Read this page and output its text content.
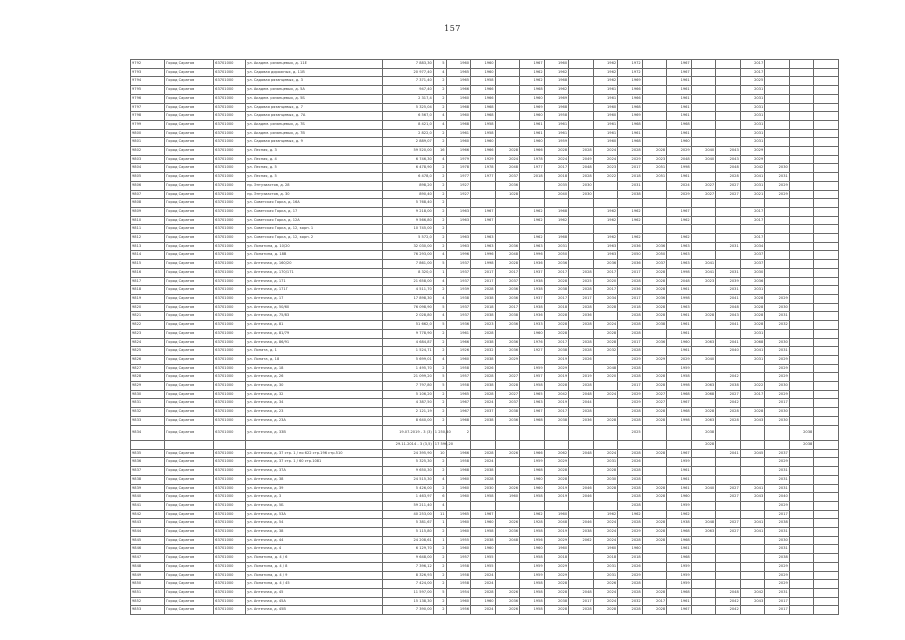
157
9792	Город Саратов	63701000	ул. Академ. рязанцевых, д. 11Е	7 883,30	5	1960	1960		1967	1960		1962	1972		1967			2017			
9793	Город Саратов	63701000	ул. Садовая дорожных, д. 11В	20 977,40	4	1965	1960		1962	1962		1962	1972		1967			2017			
9794	Город Саратов	63701000	ул. Садовая рязанцевых, д. 3	7 371,40	2	1965	1958		1962	1968		1962	1969		1961			2025			
9795	Город Саратов	63701000	ул. Академ. рязанцевых, д. 5А	947,40	2	1966	1966		1968	1962		1961	1966		1961			2031			
9796	Город Саратов	63701000	ул. Академ. рязанцевых, д. 5Б	2 317,4	2	1960	1966		1960	1969		1961	1966		1961			2031			
9797	Город Саратов	63701000	ул. Садовая рязанцевых, д. 7	5 325,04	2	1968	1968		1969	1968		1960	1968		1961			2031			
9798	Город Саратов	63701000	ул. Садовая рязанцевых, д. 7А	6 567,0	4	1960	1968		1960	1958		1960	1969		1961			2031			
9799	Город Саратов	63701000	ул. Академ. рязанцевых, д. 7Б	8 421,0	4	1968	1958		1961	1961		1961	1968		1968			2031			
9800	Город Саратов	63701000	ул. Академ. рязанцевых, д. 7В	2 822,0	2	1961	1958		1961	1961		1961	1961		1961			2031			
9801	Город Саратов	63701000	ул. Садовая рязанцевых, д. 9	2 889,07	2	1960	1960		1960	1959		1960	1968		1960			2031			
9802	Город Саратов	63701000	ул. Лесная, д. 3	59 520,00	16	1966	1966	2028	1966	2028	2028	2024	2028	2028	2029	2040	2043	2029			
9803	Город Саратов	63701000	ул. Лесная, д. 4	6 746,30	4	1979	1929	2024	1978	2024	2049	2024	2029	2023	2048	2040	2043	2029			
9804	Город Саратов	63701000	ул. Лесная, д. 5	6 478,90	2	1978	1978	2048	1977	2017	2048	2023	2017	2051	1998		2048	2042	2030		
9805	Город Саратов	63701000	ул. Лесная, д. 5	6 478,0	2	1977	1977	2037	2018	2018	2028	2022	2018	2051	1961		2028	2041	2031		
9806	Город Саратов	63701000	пр. Энтузиастов, д. 28	898,20	2	1927		2036		2035	2030		2031		2024	2027	2027	2031	2029		
9807	Город Саратов	63701000	пр. Энтузиастов, д. 30	890,40	2	1927		1028		2040	2030		2038		2029	2027	2027	2021	2029		
9808	Город Саратов	63701000	ул. Советская Горка, д. 16А	5 768,40	2																
9809	Город Саратов	63701000	ул. Советская Горка, д. 17	9 218,00	2	1963	1967		1962	1968		1962	1962		1967			2017			
9810	Город Саратов	63701000	ул. Советская Горка, д. 12А	9 566,80	2	1963	1967		1962	1962		1962	1962		1962			2017			
9811	Город Саратов	63701000	ул. Советская Горка, д. 12, корп. 1	10 745,00	2																
9812	Город Саратов	63701000	ул. Советская Горка, д. 12, корп. 2	5 572,0	2	1963	1963		1962	1968		1962	1962		1962			2017			
9813	Город Саратов	63701000	ул. Лопатина, д. 10/20	32 030,00	2	1963	1963	2036	1963	2031		1963	2036	2036	1963		2031	2034			
9814	Город Саратов	63701000	ул. Лопатина, д. 18В	76 293,00	4	1996	1996	2048	1996	2050		1963	2050	2050	1963			2037			
9815	Город Саратов	63701000	ул. Аптечная, д. 160/20	7 861,00	5	1937	1998	2028	1936	2036		2036	2036	2037	1963	2041		2037			
9816	Город Саратов	63701000	ул. Аптечная, д. 170/171	8 320,0	1	1937	2017	2017	1937	2017	2028	2017	2017	2028	1998	2041	2031	2030			
9817	Город Саратов	63701000	ул. Аптечная, д. 171	21 658,00	4	1937	2017	2037	1938	2028	2025	2020	2028	2028	2048	2023	2039	2036			
9818	Город Саратов	63701000	ул. Аптечная, д. 171Г	4 511,70	2	1939	2028	2036	1938	2038	2028	2017	2036	2028	1961		2031	2031			
9819	Город Саратов	63701000	ул. Аптечная, д. 17	17 898,30	4	1938	2038	2036	1937	2017	2017	2034	2017	2036	1998		2041	2028	2029		
9820	Город Саратов	63701000	ул. Аптечная, д. 50/60	76 098,90	5	1937	2018	2017	1938	2018	2028	2028	2018	2028	1963		2048	2028	2030		
9821	Город Саратов	63701000	ул. Аптечная, д. 75/83	2 028,80	4	1937	2038	2038	1936	2028	2036		2028	2028	1961	2028	2043	2028	2031		
9822	Город Саратов	63701000	ул. Аптечная, д. 81	51 662,0	5	1936	2023	2036	1933	2028	2028	2024	2028	2038	1961		2041	2028	2032		
9823	Город Саратов	63701000	ул. Аптечная, д. 81/79	9 778,90	2	1961	2028		1960	2028		2028	2028		1961			2031			
9824	Город Саратов	63701000	ул. Аптечная, д. 86/91	4 684,87	2	1966	2038	2036	1976	2017	2028	2028	2017	2036	1960	2063	2041	2068	2030		
9825	Город Саратов	63701000	ул. Лопата, д. 1	1 524,71	2	1926	2032	2036	1927	2038	2028	2032	2028		1961		2040	2041	2031		
9826	Город Саратов	63701000	ул. Лопата, д. 18	5 699,01	4	1960	2038	2029		2019	2026		2029	2029	2029	2040		2031	2029		
9827	Город Саратов	63701000	ул. Аптечная, д. 18	1 495,70	2	1958	2026		1959	2029		2048	2028		1959				2029		
9828	Город Саратов	63701000	ул. Аптечная, д. 26	21 099,20	5	1957	2028	2027	1957	2019	2019	2020	2028	2028	1958		2042		2029		
9829	Город Саратов	63701000	ул. Аптечная, д. 30	7 797,80	5	1958	2038	2028	1958	2028	2028		2017	2028	1998	2063	2038	2022	2030		
9830	Город Саратов	63701000	ул. Аптечная, д. 32	5 106,20	2	1965	2028	2027	1965	2042	2048	2024	2029	2027	1968	2068	2027	2017	2029		
9831	Город Саратов	63701000	ул. Аптечная, д. 34	4 387,50	2	1967	2024	2037	1963	2019	2044		2029	2027	1967		2042		2017		
9832	Город Саратов	63701000	ул. Аптечная, д. 23	2 121,19	2	1967	2037	2038	1967	2017	2028		2028	2028	1968	2028	2028	2028	2030		
9833	Город Саратов	63701000	ул. Аптечная, д. 23А	8 640,00	2	1968	2038	2036	1968	2038	2036	2028	2028	2028	1998	2063	2028	2043	2030		
9834	Город Саратов	63701000	ул. Аптечная, д. 33В	19.07.2019 - 3 (3)	1 250,40	2							2025			2038				2038	
				29.11.2014 - 3 (3,5)	17 596,20											2028				2038	
9835	Город Саратов	63701000	ул. Аптечная, д. 37 стр. 1 / по 622 стр.196 стр.510	24 395,90	10	1966	2028	2026	1966	2062	2048	2024	2028	2028	1967		2041	2045	2037		
9836	Город Саратов	63701000	ул. Аптечная, д. 37 стр. 1 / 60 стр.1081	5 325,30	2	1958	2024		1959	2029		2031	2026		1959				2029		
9837	Город Саратов	63701000	ул. Аптечная, д. 37А	9 650,30	2	1968	2038		1968	2028		2028	2028		1961				2031		
9838	Город Саратов	63701000	ул. Аптечная, д. 38	24 515,30	4	1960	2028		1960	2028		2030	2028		1961				2031		
9839	Город Саратов	63701000	ул. Аптечная, д. 39	5 426,00	2	1960	2030	2026	1960	2019	2046	2028	2028	2028	1961	2040	2027	2041	2031		
9840	Город Саратов	63701000	ул. Аптечная, д. 3	1 463,97	6	1960	1958	1960	1958	2019	2046		2028	2028	1960		2027	2043	2040		
9841	Город Саратов	63701000	ул. Аптечная, д. 5Б	59 211,40	4								2028		1959				2029		
9842	Город Саратов	63701000	ул. Аптечная, д. 53А	40 253,00	11	1965	1967		1962	1960		1962	1962		1962				2017		
9843	Город Саратов	63701000	ул. Аптечная, д. 54	5 381,67	1	1960	1960	2026	1928	2048	2046	2024	2028	2028	1938	2048	2027	2041	2038		
9844	Город Саратов	63701000	ул. Аптечная, д. 38	5 115,80	2	1960	1958	2036	1958	2019	2038	2024	2029	2028	1968	2063	2027	2041	2031		
9845	Город Саратов	63701000	ул. Аптечная, д. 44	24 208,61	1	1955	2038	2048	1956	2029	2062	2024	2028	2028	1968				2030		
9846	Город Саратов	63701000	ул. Аптечная, д. 4	6 129,70	2	1960	1960		1960	1960		1960	1960		1961				2031		
9847	Город Саратов	63701000	ул. Лопатина, д. 4 / 6	9 648,00	2	1957	1955		1958	2018		2018	2018		1968				2038		
9848	Город Саратов	63701000	ул. Лопатина, д. 4 / 8	7 396,12	2	1958	1955		1959	2029		2031	2026		1959				2029		
9849	Город Саратов	63701000	ул. Лопатина, д. 4 / 9	8 326,93	2	1958	2024		1959	2029		2031	2029		1959				2029		
9850	Город Саратов	63701000	ул. Лопатина, д. 4 / 45	7 424,00	2	1958	2024		1958	2028		2026	2028		1959				2029		
9851	Город Саратов	63701000	ул. Аптечная, д. 45	11 597,00	5	1954	2028	2026	1958	2028	2048	2024	2028	2028	1968		2048	2042	2031		
9852	Город Саратов	63701000	ул. Аптечная, д. 45А	15 138,30	2	1960	1960	2036	1958	2038	2017	2024	2032	2017	1961		2042	2043	2017		
9853	Город Саратов	63701000	ул. Аптечная, д. 45В	7 390,00	2	1956	2024	2026	1958	2028	2028	2028	2028	2028	1967		2042		2017		
